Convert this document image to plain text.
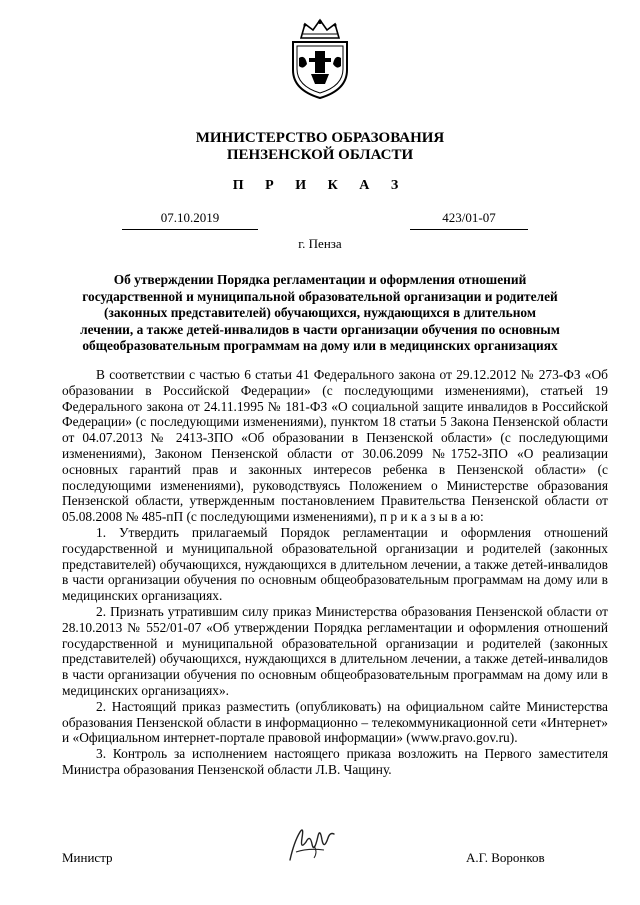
МИНИСТЕРСТВО ОБРАЗОВАНИЯ
ПЕНЗЕНСКОЙ ОБЛАСТИ
П Р И К А З
07.10.2019	423/01-07
г. Пенза
Об утверждении Порядка регламентации и оформления отношений государственной и муниципальной образовательной организации и родителей (законных представителей) обучающихся, нуждающихся в длительном лечении, а также детей-инвалидов в части организации обучения по основным общеобразовательным программам на дому или в медицинских организациях

В соответствии с частью 6 статьи 41 Федерального закона от 29.12.2012 № 273-ФЗ «Об образовании в Российской Федерации» (с последующими изменениями), статьей 19 Федерального закона от 24.11.1995 № 181-ФЗ «О социальной защите инвалидов в Российской Федерации» (с последующими изменениями), пунктом 18 статьи 5 Закона Пензенской области от 04.07.2013 № 2413-ЗПО «Об образовании в Пензенской области» (с последующими изменениями), Законом Пензенской области от 30.06.2099 №1752-ЗПО «О реализации основных гарантий прав и законных интересов ребенка в Пензенской области» (с последующими изменениями), руководствуясь Положением о Министерстве образования Пензенской области, утвержденным постановлением Правительства Пензенской области от 05.08.2008 № 485-пП (с последующими изменениями), п р и к а з ы в а ю:

1. Утвердить прилагаемый Порядок регламентации и оформления отношений государственной и муниципальной образовательной организации и родителей (законных представителей) обучающихся, нуждающихся в длительном лечении, а также детей-инвалидов в части организации обучения по основным общеобразовательным программам на дому или в медицинских организациях.

2. Признать утратившим силу приказ Министерства образования Пензенской области от 28.10.2013 № 552/01-07 «Об утверждении Порядка регламентации и оформления отношений государственной и муниципальной образовательной организации и родителей (законных представителей) обучающихся, нуждающихся в длительном лечении, а также детей-инвалидов в части организации обучения по основным общеобразовательным программам на дому или в медицинских организациях».

2. Настоящий приказ разместить (опубликовать) на официальном сайте Министерства образования Пензенской области в информационно – телекоммуникационной сети «Интернет» и «Официальном интернет-портале правовой информации» (www.pravo.gov.ru).

3. Контроль за исполнением настоящего приказа возложить на Первого заместителя Министра образования Пензенской области Л.В. Чащину.

Министр	А.Г. Воронков
